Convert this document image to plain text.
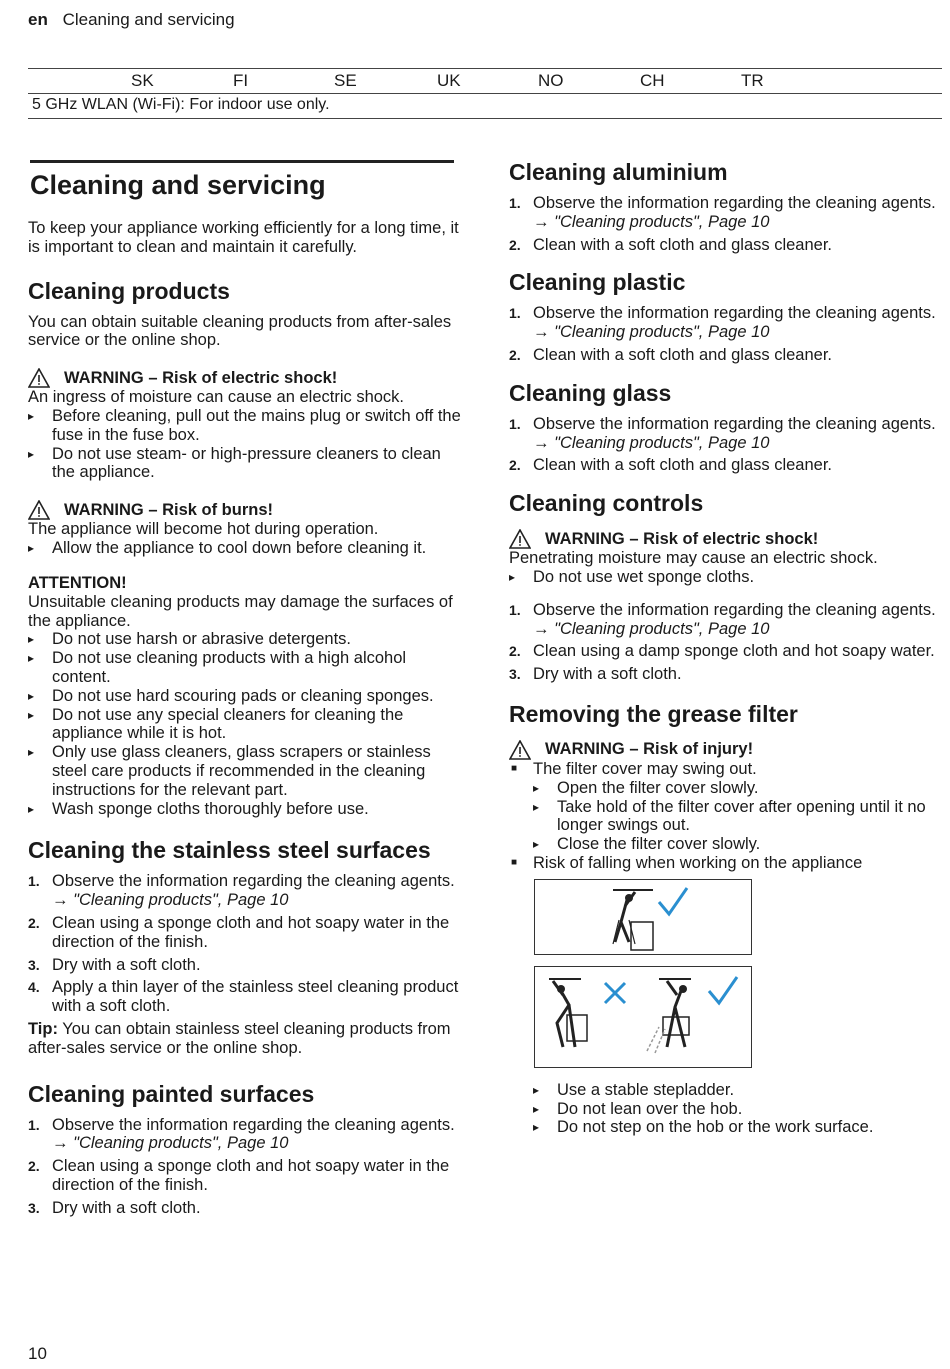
en Cleaning and servicing
SK	FI	SE	UK	NO	CH	TR
5 GHz WLAN (Wi-Fi): For indoor use only.
Cleaning and servicing

To keep your appliance working efficiently for a long time, it is important to clean and maintain it carefully.

Cleaning products

You can obtain suitable cleaning products from after-sales service or the online shop.

WARNING – Risk of electric shock!

An ingress of moisture can cause an electric shock.

▸ Before cleaning, pull out the mains plug or switch off the fuse in the fuse box.
▸ Do not use steam- or high-pressure cleaners to clean the appliance.
WARNING – Risk of burns!

The appliance will become hot during operation.

▸ Allow the appliance to cool down before cleaning it.
ATTENTION!

Unsuitable cleaning products may damage the surfaces of the appliance.

▸ Do not use harsh or abrasive detergents.
▸ Do not use cleaning products with a high alcohol content.
▸ Do not use hard scouring pads or cleaning sponges.
▸ Do not use any special cleaners for cleaning the appliance while it is hot.
▸ Only use glass cleaners, glass scrapers or stainless steel care products if recommended in the cleaning instructions for the relevant part.
▸ Wash sponge cloths thoroughly before use.
Cleaning the stainless steel surfaces
1. Observe the information regarding the cleaning agents.
→ "Cleaning products", Page 10
2. Clean using a sponge cloth and hot soapy water in the direction of the finish.
3. Dry with a soft cloth.
4. Apply a thin layer of the stainless steel cleaning product with a soft cloth.

Tip: You can obtain stainless steel cleaning products from after-sales service or the online shop.

Cleaning painted surfaces
1. Observe the information regarding the cleaning agents.
→ "Cleaning products", Page 10
2. Clean using a sponge cloth and hot soapy water in the direction of the finish.
3. Dry with a soft cloth.
Cleaning aluminium
1. Observe the information regarding the cleaning agents.
→ "Cleaning products", Page 10
2. Clean with a soft cloth and glass cleaner.
Cleaning plastic
1. Observe the information regarding the cleaning agents.
→ "Cleaning products", Page 10
2. Clean with a soft cloth and glass cleaner.
Cleaning glass
1. Observe the information regarding the cleaning agents.
→ "Cleaning products", Page 10
2. Clean with a soft cloth and glass cleaner.
Cleaning controls
WARNING – Risk of electric shock!

Penetrating moisture may cause an electric shock.

▸ Do not use wet sponge cloths.
1. Observe the information regarding the cleaning agents.
→ "Cleaning products", Page 10
2. Clean using a damp sponge cloth and hot soapy water.
3. Dry with a soft cloth.
Removing the grease filter
WARNING – Risk of injury!
■ The filter cover may swing out.
▸ Open the filter cover slowly.
▸ Take hold of the filter cover after opening until it no longer swings out.
▸ Close the filter cover slowly.
■ Risk of falling when working on the appliance

▸ Use a stable stepladder.
▸ Do not lean over the hob.
▸ Do not step on the hob or the work surface.
10
